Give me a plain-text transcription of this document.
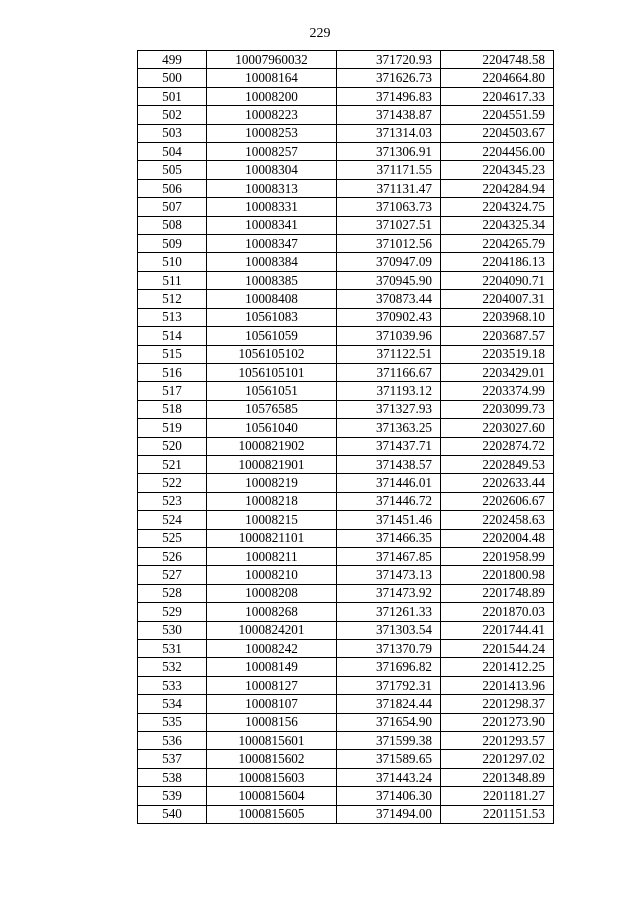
229
499	10007960032	371720.93	2204748.58
500	10008164	371626.73	2204664.80
501	10008200	371496.83	2204617.33
502	10008223	371438.87	2204551.59
503	10008253	371314.03	2204503.67
504	10008257	371306.91	2204456.00
505	10008304	371171.55	2204345.23
506	10008313	371131.47	2204284.94
507	10008331	371063.73	2204324.75
508	10008341	371027.51	2204325.34
509	10008347	371012.56	2204265.79
510	10008384	370947.09	2204186.13
511	10008385	370945.90	2204090.71
512	10008408	370873.44	2204007.31
513	10561083	370902.43	2203968.10
514	10561059	371039.96	2203687.57
515	1056105102	371122.51	2203519.18
516	1056105101	371166.67	2203429.01
517	10561051	371193.12	2203374.99
518	10576585	371327.93	2203099.73
519	10561040	371363.25	2203027.60
520	1000821902	371437.71	2202874.72
521	1000821901	371438.57	2202849.53
522	10008219	371446.01	2202633.44
523	10008218	371446.72	2202606.67
524	10008215	371451.46	2202458.63
525	1000821101	371466.35	2202004.48
526	10008211	371467.85	2201958.99
527	10008210	371473.13	2201800.98
528	10008208	371473.92	2201748.89
529	10008268	371261.33	2201870.03
530	1000824201	371303.54	2201744.41
531	10008242	371370.79	2201544.24
532	10008149	371696.82	2201412.25
533	10008127	371792.31	2201413.96
534	10008107	371824.44	2201298.37
535	10008156	371654.90	2201273.90
536	1000815601	371599.38	2201293.57
537	1000815602	371589.65	2201297.02
538	1000815603	371443.24	2201348.89
539	1000815604	371406.30	2201181.27
540	1000815605	371494.00	2201151.53
